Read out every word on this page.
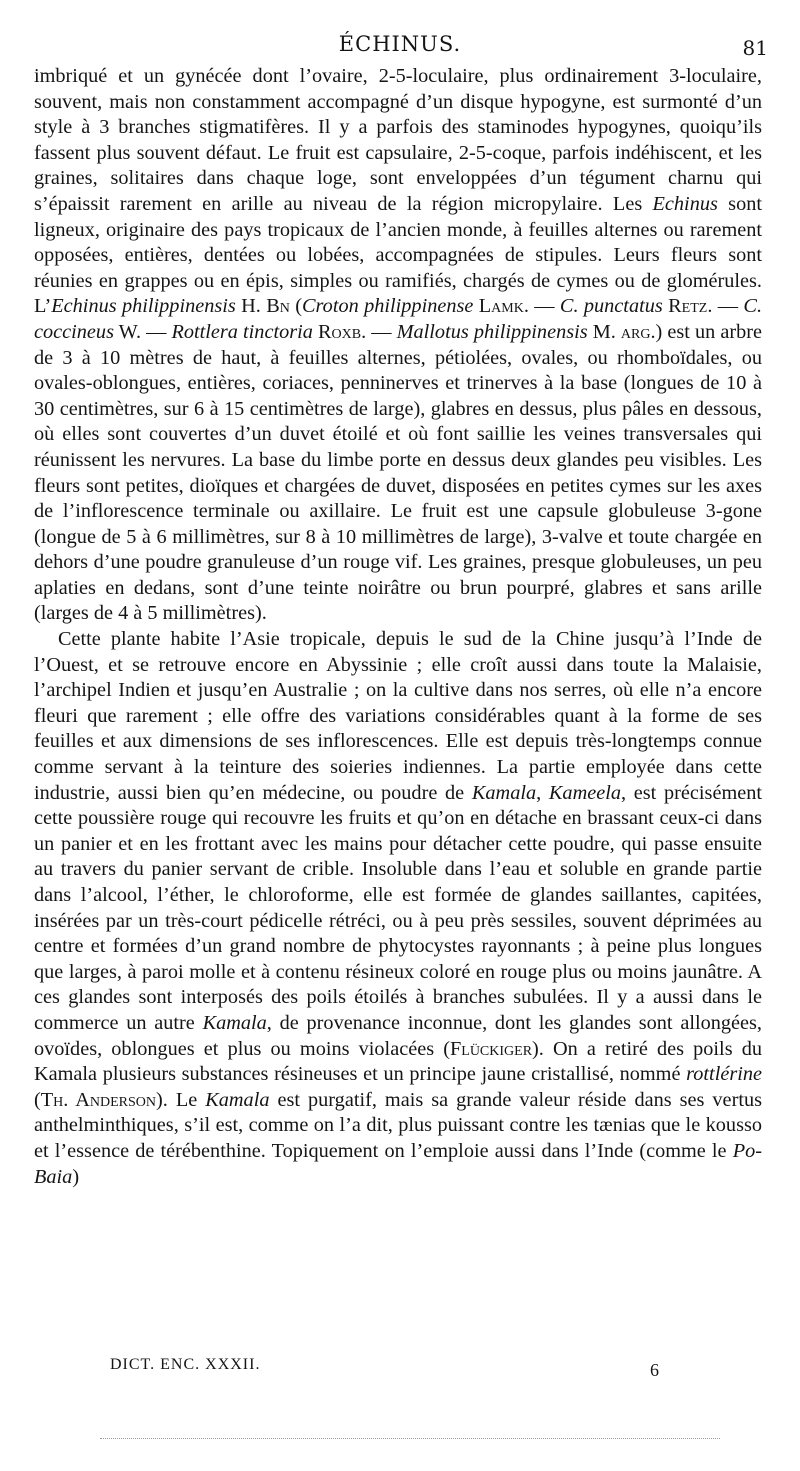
ÉCHINUS.	81

imbriqué et un gynécée dont l’ovaire, 2-5-loculaire, plus ordinairement 3-loculaire, souvent, mais non constamment accompagné d’un disque hypogyne, est surmonté d’un style à 3 branches stigmatifères. Il y a parfois des staminodes hypogynes, quoiqu’ils fassent plus souvent défaut. Le fruit est capsulaire, 2-5-coque, parfois indéhiscent, et les graines, solitaires dans chaque loge, sont enveloppées d’un tégument charnu qui s’épaissit rarement en arille au niveau de la région micropylaire. Les Echinus sont ligneux, originaire des pays tropicaux de l’ancien monde, à feuilles alternes ou rarement opposées, entières, dentées ou lobées, accompagnées de stipules. Leurs fleurs sont réunies en grappes ou en épis, simples ou ramifiés, chargés de cymes ou de glomérules. L’Echinus philippinensis H. Bn (Croton philippinense Lamk. — C. punctatus Retz. — C. coccineus W. — Rottlera tinctoria Roxb. — Mallotus philippinensis M. arg.) est un arbre de 3 à 10 mètres de haut, à feuilles alternes, pétiolées, ovales, ou rhomboïdales, ou ovales-oblongues, entières, coriaces, penninerves et trinerves à la base (longues de 10 à 30 centimètres, sur 6 à 15 centimètres de large), glabres en dessus, plus pâles en dessous, où elles sont couvertes d’un duvet étoilé et où font saillie les veines transversales qui réunissent les nervures. La base du limbe porte en dessus deux glandes peu visibles. Les fleurs sont petites, dioïques et chargées de duvet, disposées en petites cymes sur les axes de l’inflorescence terminale ou axillaire. Le fruit est une capsule globuleuse 3-gone (longue de 5 à 6 millimètres, sur 8 à 10 millimètres de large), 3-valve et toute chargée en dehors d’une poudre granuleuse d’un rouge vif. Les graines, presque globuleuses, un peu aplaties en dedans, sont d’une teinte noirâtre ou brun pourpré, glabres et sans arille (larges de 4 à 5 millimètres).

Cette plante habite l’Asie tropicale, depuis le sud de la Chine jusqu’à l’Inde de l’Ouest, et se retrouve encore en Abyssinie ; elle croît aussi dans toute la Malaisie, l’archipel Indien et jusqu’en Australie ; on la cultive dans nos serres, où elle n’a encore fleuri que rarement ; elle offre des variations considérables quant à la forme de ses feuilles et aux dimensions de ses inflorescences. Elle est depuis très-longtemps connue comme servant à la teinture des soieries indiennes. La partie employée dans cette industrie, aussi bien qu’en médecine, ou poudre de Kamala, Kameela, est précisément cette poussière rouge qui recouvre les fruits et qu’on en détache en brassant ceux-ci dans un panier et en les frottant avec les mains pour détacher cette poudre, qui passe ensuite au travers du panier servant de crible. Insoluble dans l’eau et soluble en grande partie dans l’alcool, l’éther, le chloroforme, elle est formée de glandes saillantes, capitées, insérées par un très-court pédicelle rétréci, ou à peu près sessiles, souvent déprimées au centre et formées d’un grand nombre de phytocystes rayonnants ; à peine plus longues que larges, à paroi molle et à contenu résineux coloré en rouge plus ou moins jaunâtre. A ces glandes sont interposés des poils étoilés à branches subulées. Il y a aussi dans le commerce un autre Kamala, de provenance inconnue, dont les glandes sont allongées, ovoïdes, oblongues et plus ou moins violacées (Flückiger). On a retiré des poils du Kamala plusieurs substances résineuses et un principe jaune cristallisé, nommé rottlérine (Th. Anderson). Le Kamala est purgatif, mais sa grande valeur réside dans ses vertus anthelminthiques, s’il est, comme on l’a dit, plus puissant contre les tænias que le kousso et l’essence de térébenthine. Topiquement on l’emploie aussi dans l’Inde (comme le Po-Baia)

DICT. ENC. XXXII.	6
